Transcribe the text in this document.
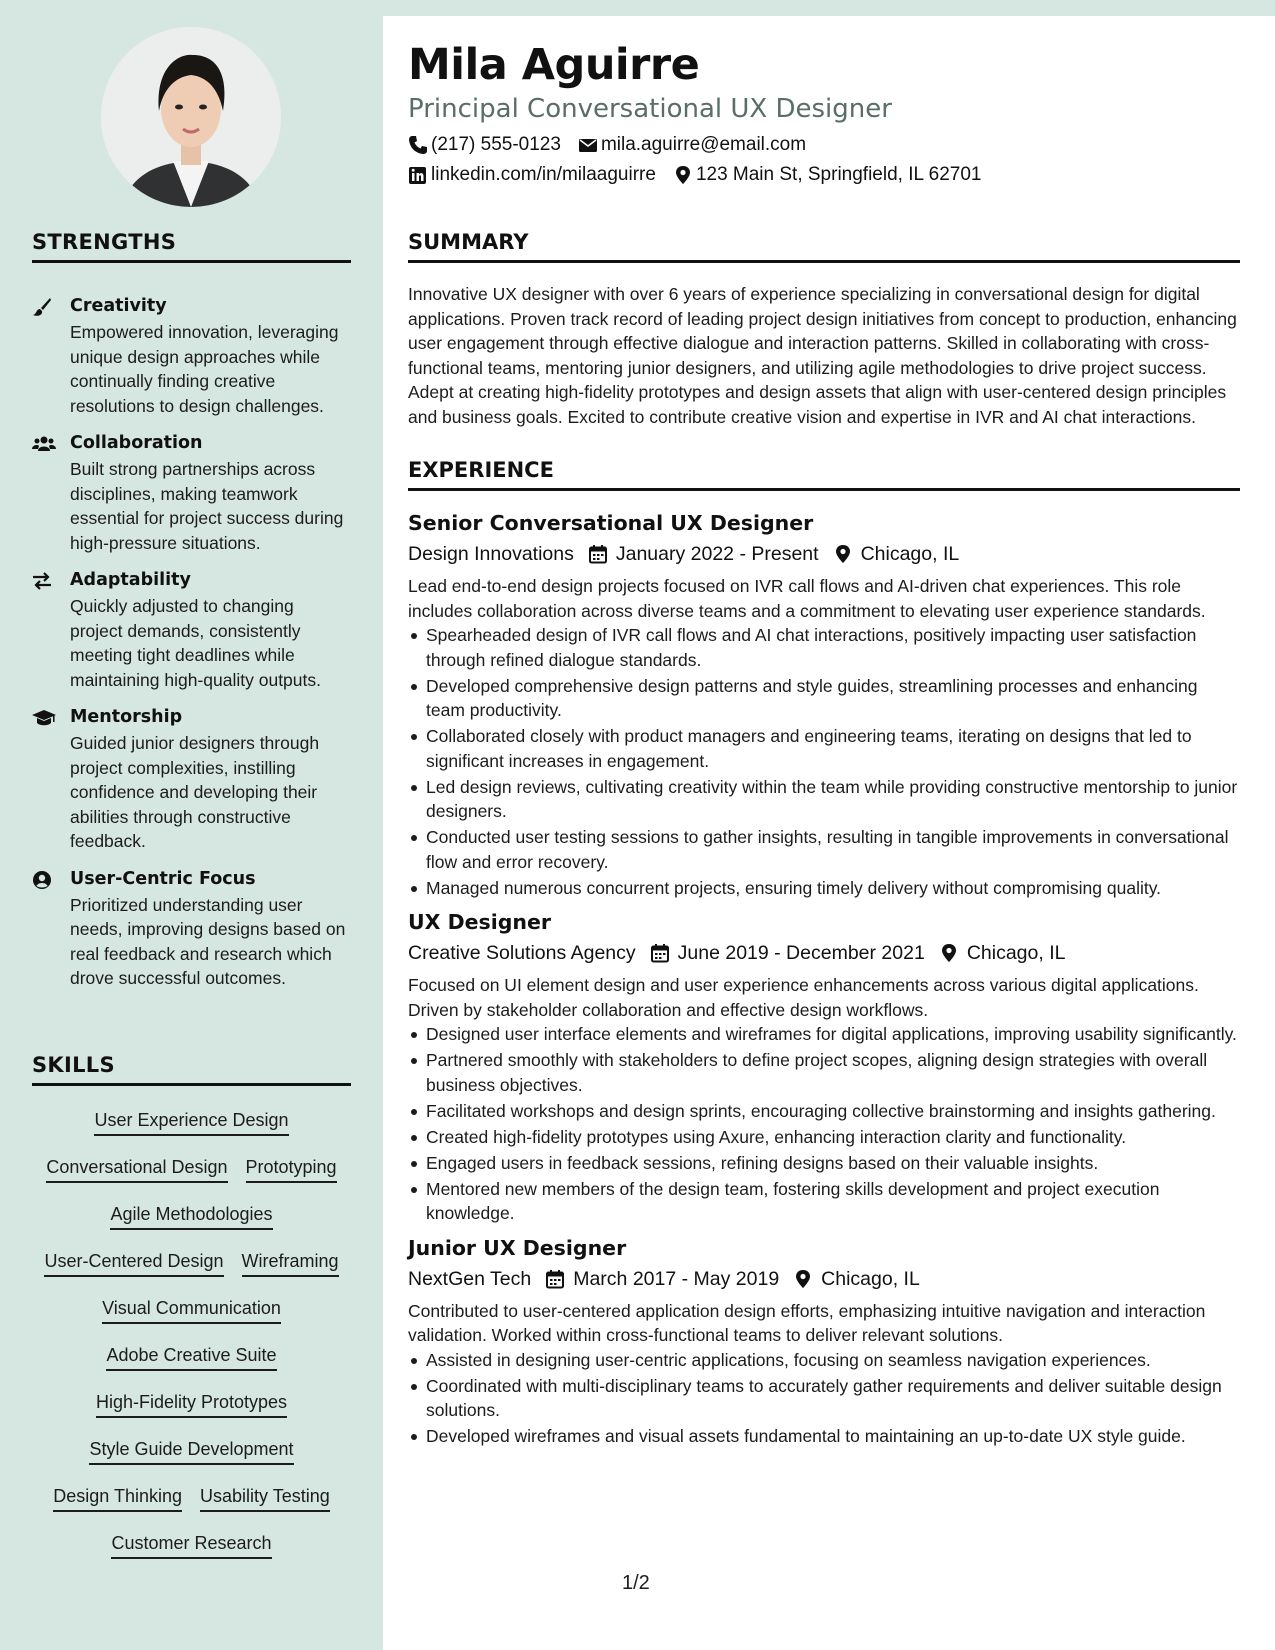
STRENGTHS
Creativity
Empowered innovation, leveraging unique design approaches while continually finding creative resolutions to design challenges.
Collaboration
Built strong partnerships across disciplines, making teamwork essential for project success during high-pressure situations.
Adaptability
Quickly adjusted to changing project demands, consistently meeting tight deadlines while maintaining high-quality outputs.
Mentorship
Guided junior designers through project complexities, instilling confidence and developing their abilities through constructive feedback.
User-Centric Focus
Prioritized understanding user needs, improving designs based on real feedback and research which drove successful outcomes.
SKILLS
User Experience Design
Conversational Design Prototyping
Agile Methodologies
User-Centered Design Wireframing
Visual Communication
Adobe Creative Suite
High-Fidelity Prototypes
Style Guide Development
Design Thinking Usability Testing
Customer Research
Mila Aguirre
Principal Conversational UX Designer
(217) 555-0123 mila.aguirre@email.com
linkedin.com/in/milaaguirre 123 Main St, Springfield, IL 62701
SUMMARY
Innovative UX designer with over 6 years of experience specializing in conversational design for digital applications. Proven track record of leading project design initiatives from concept to production, enhancing user engagement through effective dialogue and interaction patterns. Skilled in collaborating with cross-functional teams, mentoring junior designers, and utilizing agile methodologies to drive project success. Adept at creating high-fidelity prototypes and design assets that align with user-centered design principles and business goals. Excited to contribute creative vision and expertise in IVR and AI chat interactions.
EXPERIENCE
Senior Conversational UX Designer
Design Innovations January 2022 - Present Chicago, IL
Lead end-to-end design projects focused on IVR call flows and AI-driven chat experiences. This role includes collaboration across diverse teams and a commitment to elevating user experience standards.
Spearheaded design of IVR call flows and AI chat interactions, positively impacting user satisfaction through refined dialogue standards.
Developed comprehensive design patterns and style guides, streamlining processes and enhancing team productivity.
Collaborated closely with product managers and engineering teams, iterating on designs that led to significant increases in engagement.
Led design reviews, cultivating creativity within the team while providing constructive mentorship to junior designers.
Conducted user testing sessions to gather insights, resulting in tangible improvements in conversational flow and error recovery.
Managed numerous concurrent projects, ensuring timely delivery without compromising quality.
UX Designer
Creative Solutions Agency June 2019 - December 2021 Chicago, IL
Focused on UI element design and user experience enhancements across various digital applications. Driven by stakeholder collaboration and effective design workflows.
Designed user interface elements and wireframes for digital applications, improving usability significantly.
Partnered smoothly with stakeholders to define project scopes, aligning design strategies with overall business objectives.
Facilitated workshops and design sprints, encouraging collective brainstorming and insights gathering.
Created high-fidelity prototypes using Axure, enhancing interaction clarity and functionality.
Engaged users in feedback sessions, refining designs based on their valuable insights.
Mentored new members of the design team, fostering skills development and project execution knowledge.
Junior UX Designer
NextGen Tech March 2017 - May 2019 Chicago, IL
Contributed to user-centered application design efforts, emphasizing intuitive navigation and interaction validation. Worked within cross-functional teams to deliver relevant solutions.
Assisted in designing user-centric applications, focusing on seamless navigation experiences.
Coordinated with multi-disciplinary teams to accurately gather requirements and deliver suitable design solutions.
Developed wireframes and visual assets fundamental to maintaining an up-to-date UX style guide.
1/2
